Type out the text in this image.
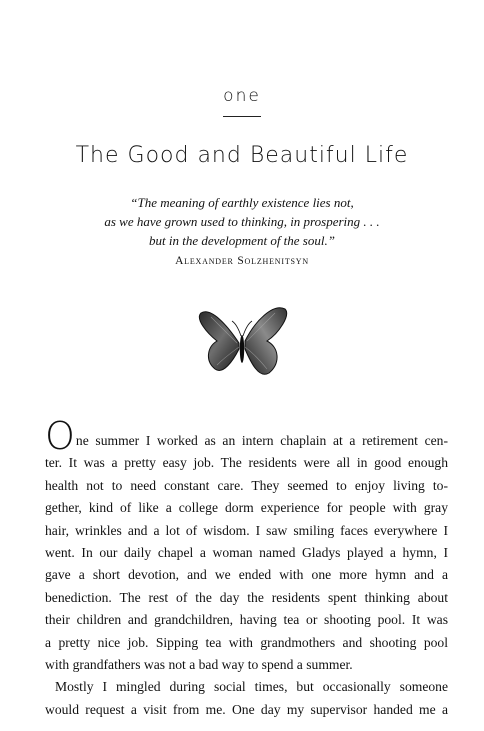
one
The Good and Beautiful Life
“The meaning of earthly existence lies not,
as we have grown used to thinking, in prospering . . .
but in the development of the soul.”
Alexander Solzhenitsyn
One summer I worked as an intern chaplain at a retirement cen-
ter. It was a pretty easy job. The residents were all in good enough
health not to need constant care. They seemed to enjoy living to-
gether, kind of like a college dorm experience for people with gray
hair, wrinkles and a lot of wisdom. I saw smiling faces everywhere I
went. In our daily chapel a woman named Gladys played a hymn, I
gave a short devotion, and we ended with one more hymn and a
benediction. The rest of the day the residents spent thinking about
their children and grandchildren, having tea or shooting pool. It was
a pretty nice job. Sipping tea with grandmothers and shooting pool
with grandfathers was not a bad way to spend a summer.
Mostly I mingled during social times, but occasionally someone
would request a visit from me. One day my supervisor handed me a
